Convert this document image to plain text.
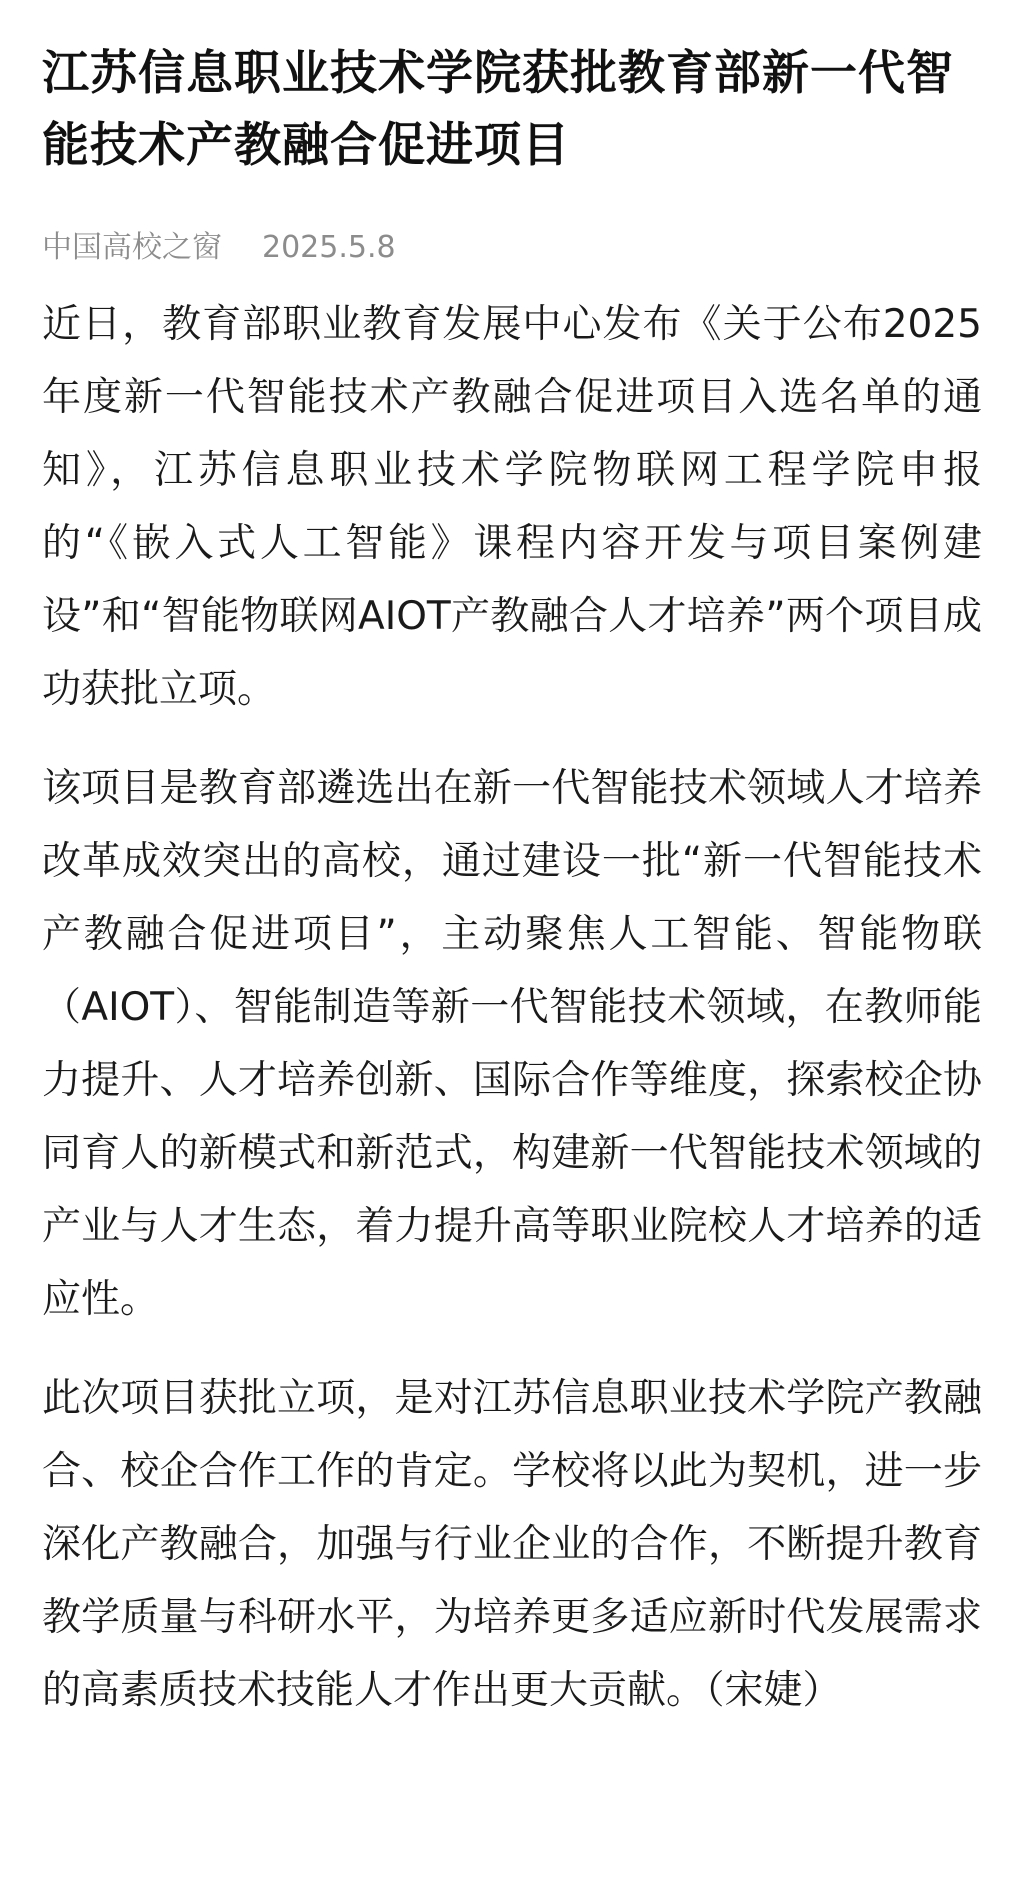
江苏信息职业技术学院获批教育部新一代智能技术产教融合促进项目
中国高校之窗 2025.5.8

近日，教育部职业教育发展中心发布《关于公布2025年度新一代智能技术产教融合促进项目入选名单的通知》，江苏信息职业技术学院物联网工程学院申报的“《嵌入式人工智能》课程内容开发与项目案例建设”和“智能物联网AIOT产教融合人才培养”两个项目成功获批立项。

该项目是教育部遴选出在新一代智能技术领域人才培养改革成效突出的高校，通过建设一批“新一代智能技术产教融合促进项目”，主动聚焦人工智能、智能物联（AIOT）、智能制造等新一代智能技术领域，在教师能力提升、人才培养创新、国际合作等维度，探索校企协同育人的新模式和新范式，构建新一代智能技术领域的产业与人才生态，着力提升高等职业院校人才培养的适应性。

此次项目获批立项，是对江苏信息职业技术学院产教融合、校企合作工作的肯定。学校将以此为契机，进一步深化产教融合，加强与行业企业的合作，不断提升教育教学质量与科研水平，为培养更多适应新时代发展需求的高素质技术技能人才作出更大贡献。（宋婕）
